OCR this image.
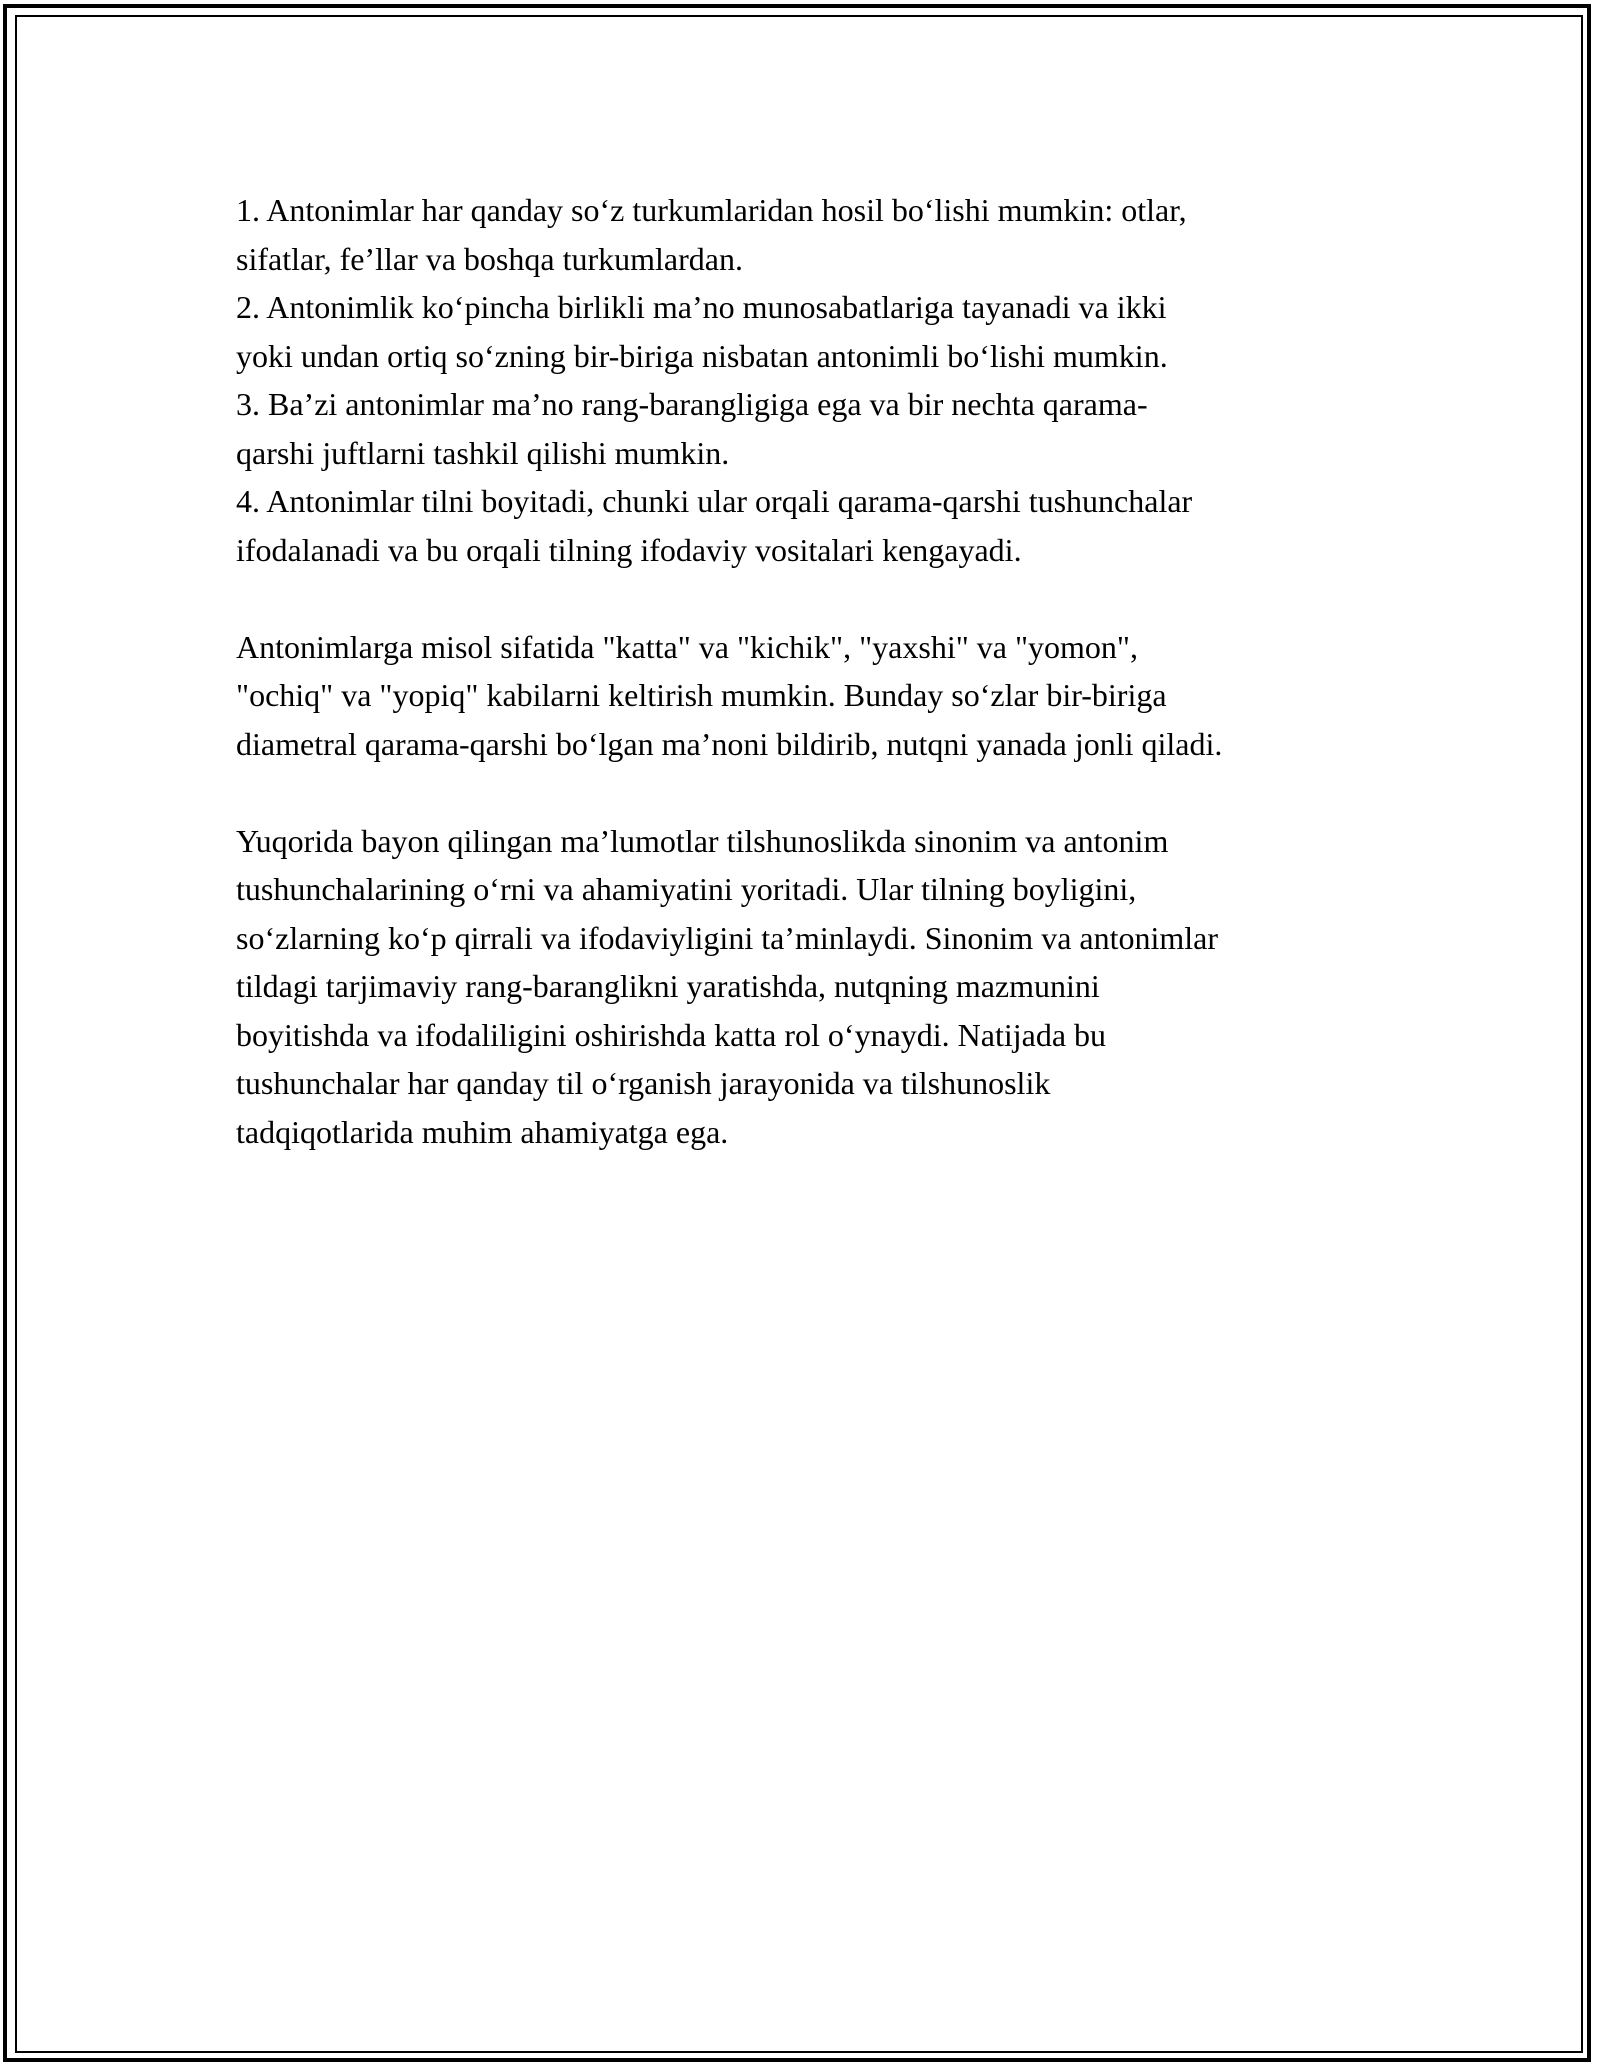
1. Antonimlar har qanday so‘z turkumlaridan hosil bo‘lishi mumkin: otlar,
sifatlar, fe’llar va boshqa turkumlardan.
2. Antonimlik ko‘pincha birlikli ma’no munosabatlariga tayanadi va ikki
yoki undan ortiq so‘zning bir-biriga nisbatan antonimli bo‘lishi mumkin.
3. Ba’zi antonimlar ma’no rang-barangligiga ega va bir nechta qarama-
qarshi juftlarni tashkil qilishi mumkin.
4. Antonimlar tilni boyitadi, chunki ular orqali qarama-qarshi tushunchalar
ifodalanadi va bu orqali tilning ifodaviy vositalari kengayadi.
Antonimlarga misol sifatida "katta" va "kichik", "yaxshi" va "yomon",
"ochiq" va "yopiq" kabilarni keltirish mumkin. Bunday so‘zlar bir-biriga
diametral qarama-qarshi bo‘lgan ma’noni bildirib, nutqni yanada jonli qiladi.
Yuqorida bayon qilingan ma’lumotlar tilshunoslikda sinonim va antonim
tushunchalarining o‘rni va ahamiyatini yoritadi. Ular tilning boyligini,
so‘zlarning ko‘p qirrali va ifodaviyligini ta’minlaydi. Sinonim va antonimlar
tildagi tarjimaviy rang-baranglikni yaratishda, nutqning mazmunini
boyitishda va ifodaliligini oshirishda katta rol o‘ynaydi. Natijada bu
tushunchalar har qanday til o‘rganish jarayonida va tilshunoslik
tadqiqotlarida muhim ahamiyatga ega.
